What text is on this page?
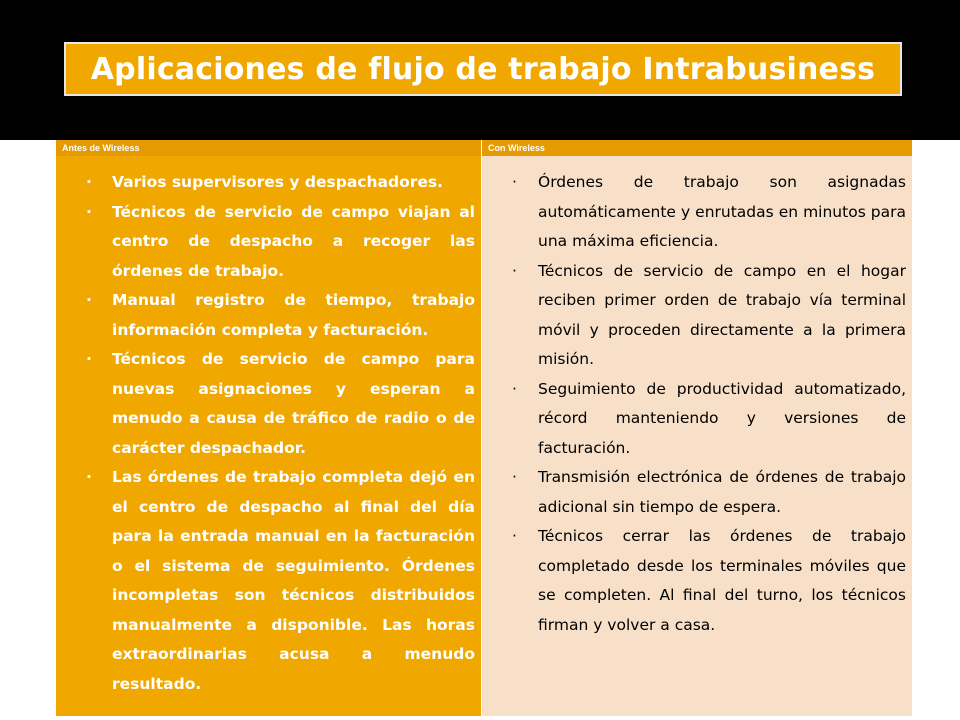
Aplicaciones de flujo de trabajo Intrabusiness
Antes de Wireless	Con Wireless
·	Varios supervisores y despachadores.
·	Técnicos de servicio de campo viajan al centro de despacho a recoger las órdenes de trabajo.
·	Manual registro de tiempo, trabajo información completa y facturación.
·	Técnicos de servicio de campo para nuevas asignaciones y esperan a menudo a causa de tráfico de radio o de carácter despachador.
·	Las órdenes de trabajo completa dejó en el centro de despacho al final del día para la entrada manual en la facturación o el sistema de seguimiento. Órdenes incompletas son técnicos distribuidos manualmente a disponible. Las horas extraordinarias acusa a menudo resultado.
·	Órdenes de trabajo son asignadas automáticamente y enrutadas en minutos para una máxima eficiencia.
·	Técnicos de servicio de campo en el hogar reciben primer orden de trabajo vía terminal móvil y proceden directamente a la primera misión.
·	Seguimiento de productividad automatizado, récord manteniendo y versiones de facturación.
·	Transmisión electrónica de órdenes de trabajo adicional sin tiempo de espera.
·	Técnicos cerrar las órdenes de trabajo completado desde los terminales móviles que se completen. Al final del turno, los técnicos firman y volver a casa.
